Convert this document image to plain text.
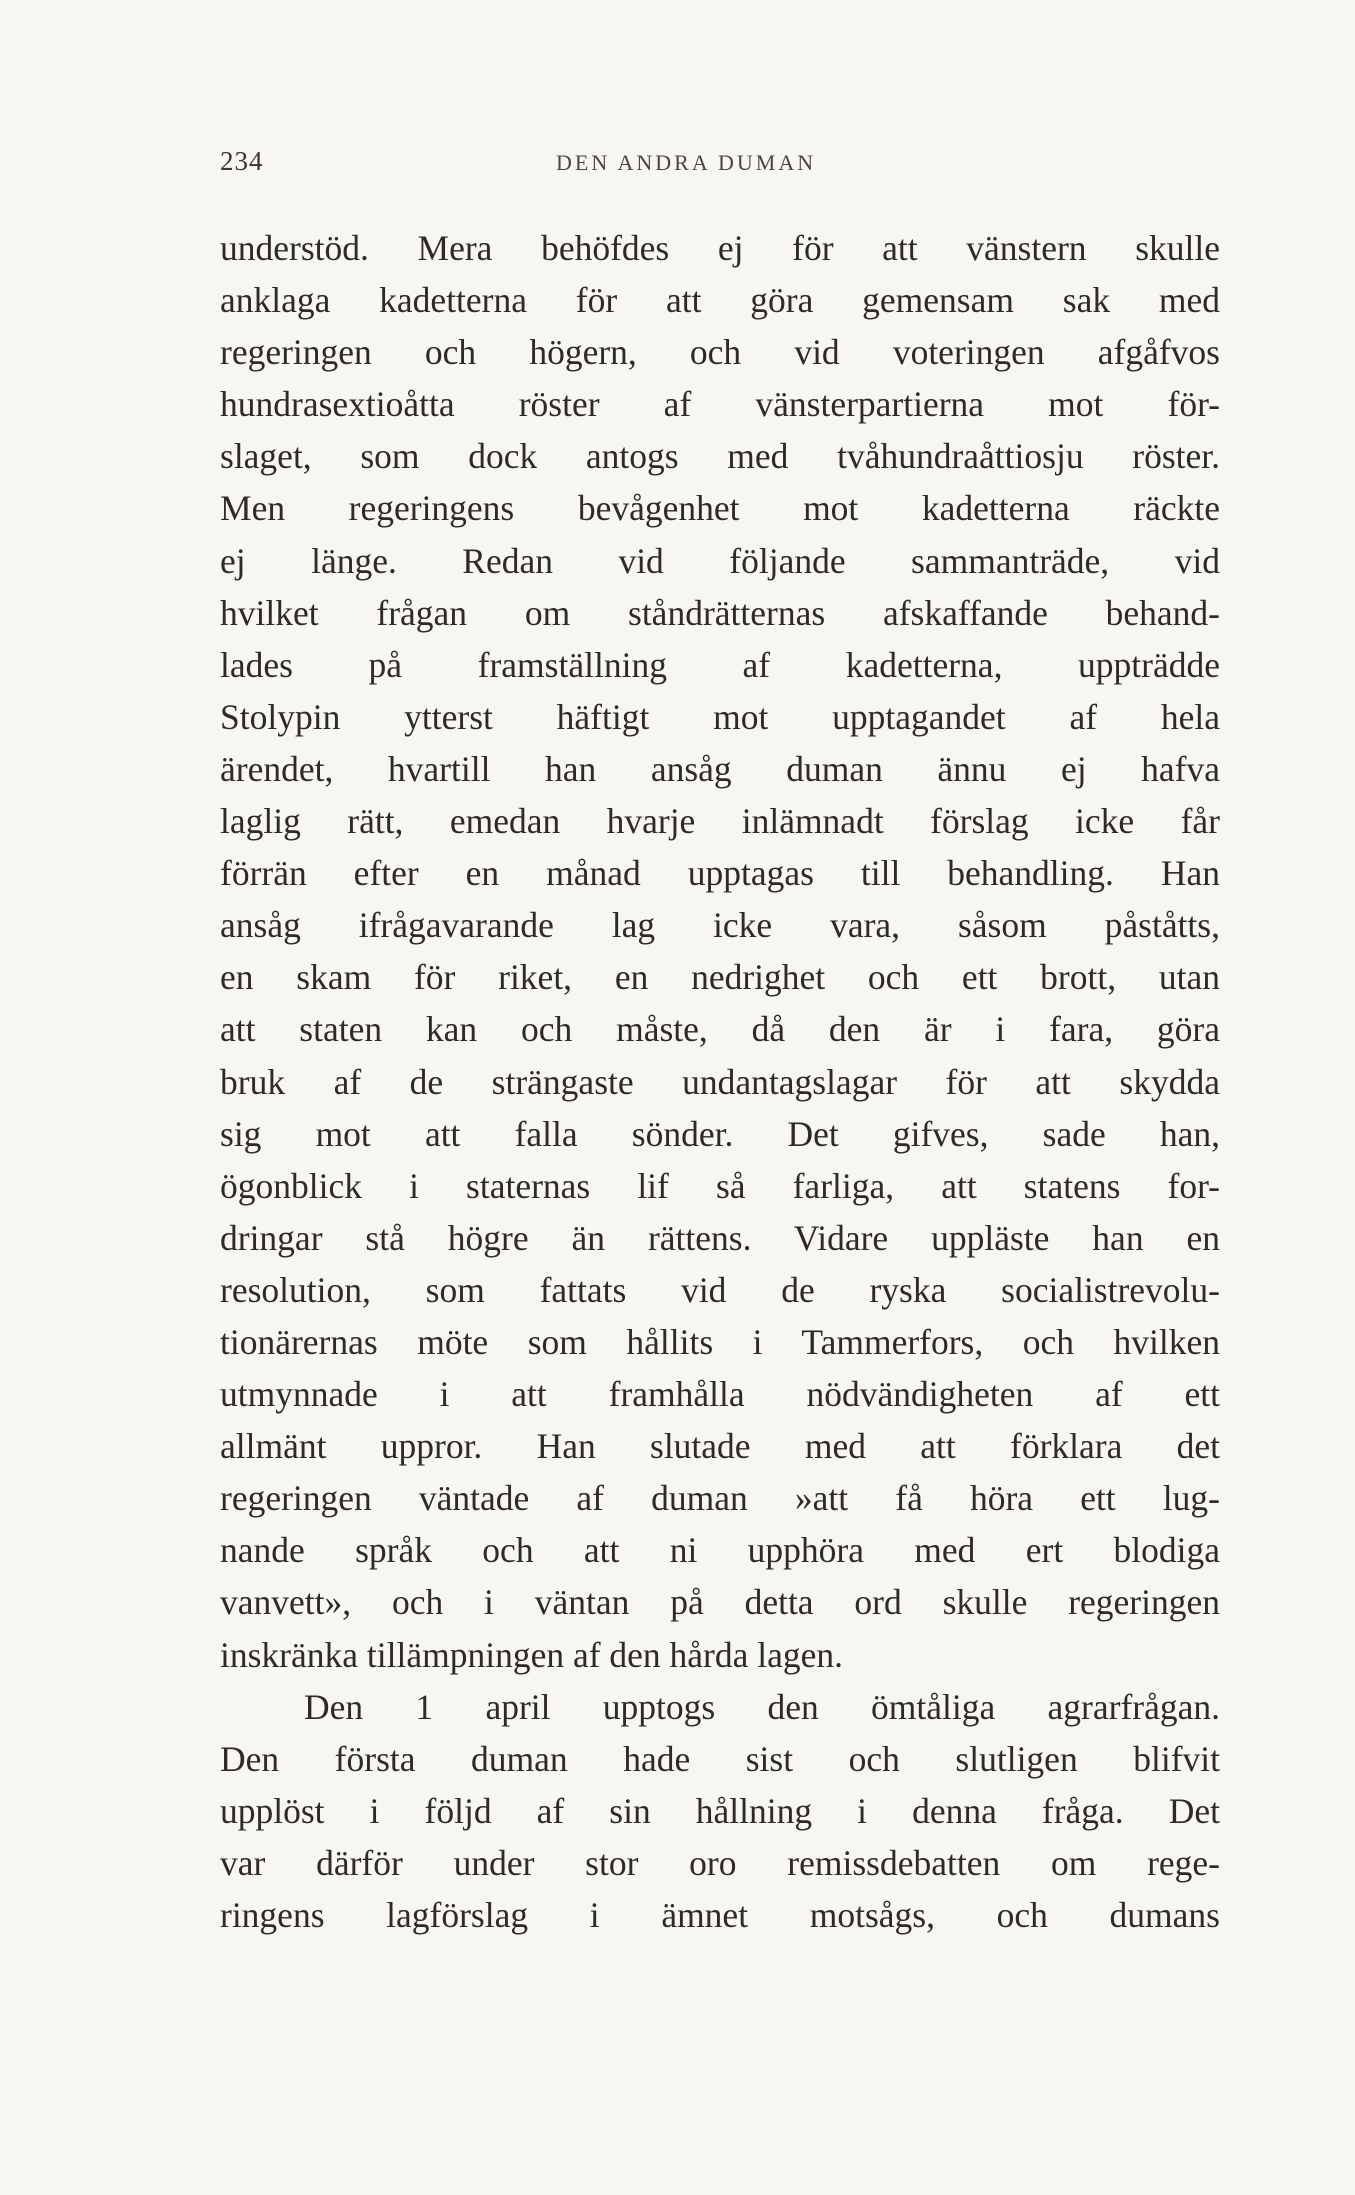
234	DEN ANDRA DUMAN
understöd. Mera behöfdes ej för att vänstern skulle
anklaga kadetterna för att göra gemensam sak med
regeringen och högern, och vid voteringen afgåfvos
hundrasextioåtta röster af vänsterpartierna mot för-
slaget, som dock antogs med tvåhundraåttiosju röster.
Men regeringens bevågenhet mot kadetterna räckte
ej länge. Redan vid följande sammanträde, vid
hvilket frågan om ståndrätternas afskaffande behand-
lades på framställning af kadetterna, uppträdde
Stolypin ytterst häftigt mot upptagandet af hela
ärendet, hvartill han ansåg duman ännu ej hafva
laglig rätt, emedan hvarje inlämnadt förslag icke får
förrän efter en månad upptagas till behandling. Han
ansåg ifrågavarande lag icke vara, såsom påståtts,
en skam för riket, en nedrighet och ett brott, utan
att staten kan och måste, då den är i fara, göra
bruk af de strängaste undantagslagar för att skydda
sig mot att falla sönder. Det gifves, sade han,
ögonblick i staternas lif så farliga, att statens for-
dringar stå högre än rättens. Vidare uppläste han en
resolution, som fattats vid de ryska socialistrevolu-
tionärernas möte som hållits i Tammerfors, och hvilken
utmynnade i att framhålla nödvändigheten af ett
allmänt uppror. Han slutade med att förklara det
regeringen väntade af duman »att få höra ett lug-
nande språk och att ni upphöra med ert blodiga
vanvett», och i väntan på detta ord skulle regeringen
inskränka tillämpningen af den hårda lagen.
Den 1 april upptogs den ömtåliga agrarfrågan.
Den första duman hade sist och slutligen blifvit
upplöst i följd af sin hållning i denna fråga. Det
var därför under stor oro remissdebatten om rege-
ringens lagförslag i ämnet motsågs, och dumans
